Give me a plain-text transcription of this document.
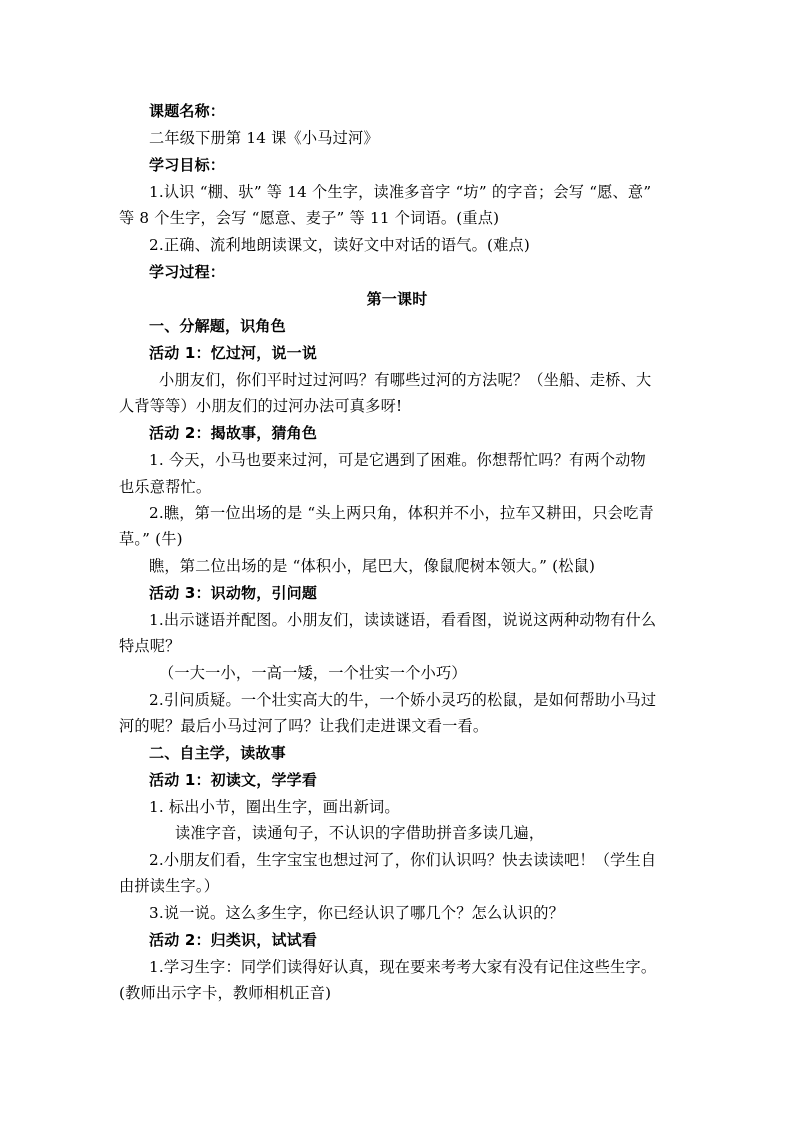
课题名称：
二年级下册第 14 课《小马过河》
学习目标：
1.认识 “棚、驮” 等 14 个生字，读准多音字 “坊” 的字音；会写 “愿、意”
等 8 个生字，会写 “愿意、麦子” 等 11 个词语。(重点)
2.正确、流利地朗读课文，读好文中对话的语气。(难点)
学习过程：
第一课时
一、分解题，识角色
活动 1：忆过河，说一说
小朋友们，你们平时过过河吗？有哪些过河的方法呢？（坐船、走桥、大
人背等等）小朋友们的过河办法可真多呀!
活动 2：揭故事，猜角色
1. 今天，小马也要来过河，可是它遇到了困难。你想帮忙吗？有两个动物
也乐意帮忙。
2.瞧，第一位出场的是 “头上两只角，体积并不小，拉车又耕田，只会吃青
草。” (牛)
瞧，第二位出场的是 “体积小，尾巴大，像鼠爬树本领大。” (松鼠)
活动 3：识动物，引问题
1.出示谜语并配图。小朋友们，读读谜语，看看图，说说这两种动物有什么
特点呢？
（一大一小，一高一矮，一个壮实一个小巧）
2.引问质疑。一个壮实高大的牛，一个娇小灵巧的松鼠，是如何帮助小马过
河的呢？最后小马过河了吗？让我们走进课文看一看。
二、自主学，读故事
活动 1：初读文，学学看
1. 标出小节，圈出生字，画出新词。
读准字音，读通句子，不认识的字借助拼音多读几遍，
2.小朋友们看，生字宝宝也想过河了，你们认识吗？快去读读吧！（学生自
由拼读生字。）
3.说一说。这么多生字，你已经认识了哪几个？怎么认识的？
活动 2：归类识，试试看
1.学习生字：同学们读得好认真，现在要来考考大家有没有记住这些生字。
(教师出示字卡，教师相机正音)
